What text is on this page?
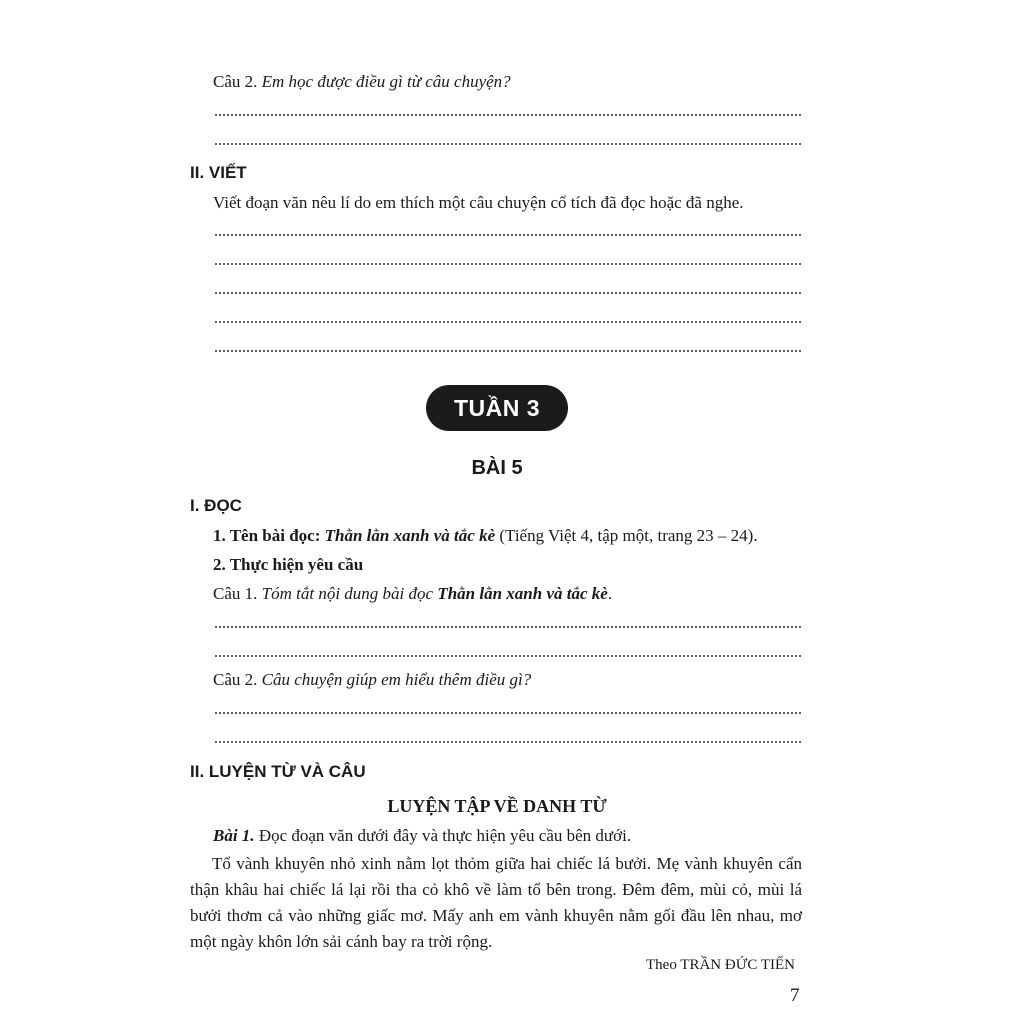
Câu 2. Em học được điều gì từ câu chuyện?
II. VIẾT
Viết đoạn văn nêu lí do em thích một câu chuyện cổ tích đã đọc hoặc đã nghe.
TUẦN 3
BÀI 5
I. ĐỌC
1. Tên bài đọc: Thằn lằn xanh và tắc kè (Tiếng Việt 4, tập một, trang 23 – 24).
2. Thực hiện yêu cầu
Câu 1. Tóm tắt nội dung bài đọc Thằn lằn xanh và tắc kè.
Câu 2. Câu chuyện giúp em hiểu thêm điều gì?
II. LUYỆN TỪ VÀ CÂU
LUYỆN TẬP VỀ DANH TỪ
Bài 1. Đọc đoạn văn dưới đây và thực hiện yêu cầu bên dưới.
Tổ vành khuyên nhỏ xinh nằm lọt thỏm giữa hai chiếc lá bưởi. Mẹ vành khuyên cẩn thận khâu hai chiếc lá lại rồi tha cỏ khô về làm tổ bên trong. Đêm đêm, mùi cỏ, mùi lá bưởi thơm cả vào những giấc mơ. Mấy anh em vành khuyên nằm gối đầu lên nhau, mơ một ngày khôn lớn sải cánh bay ra trời rộng.
Theo TRẦN ĐỨC TIẾN
7
